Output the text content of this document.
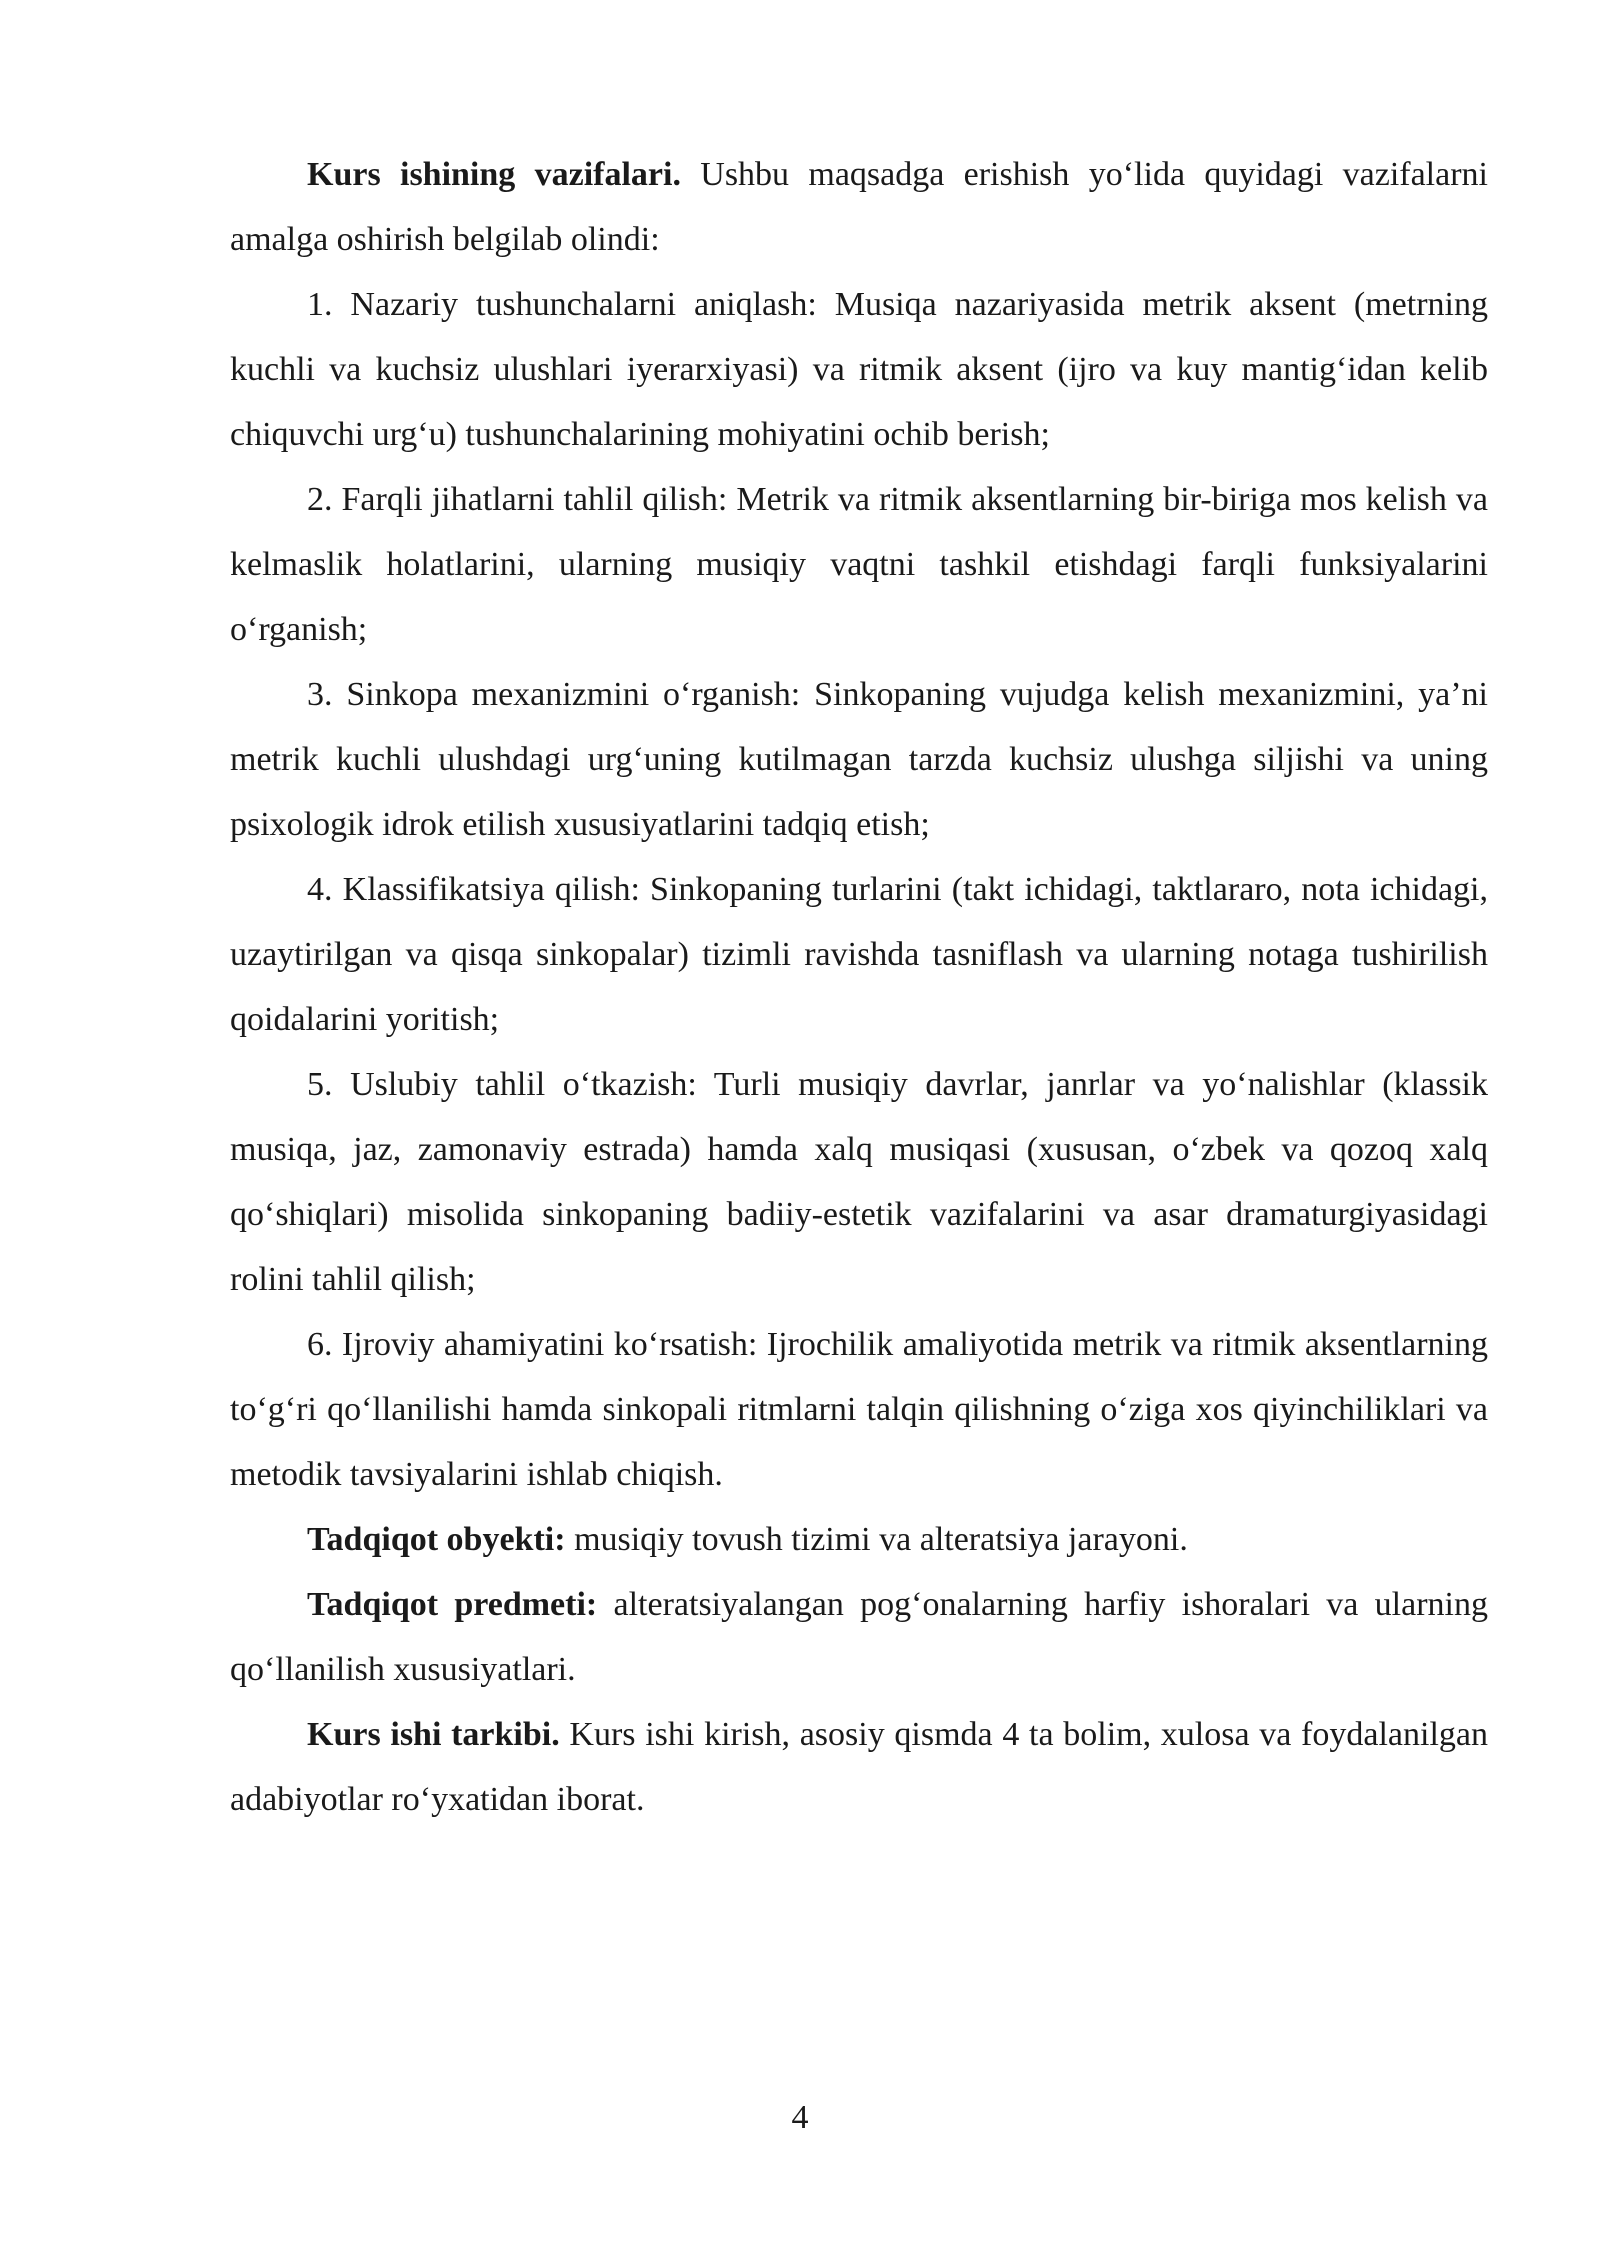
Kurs ishining vazifalari. Ushbu maqsadga erishish yo‘lida quyidagi vazifalarni amalga oshirish belgilab olindi:

1. Nazariy tushunchalarni aniqlash: Musiqa nazariyasida metrik aksent (metrning kuchli va kuchsiz ulushlari iyerarxiyasi) va ritmik aksent (ijro va kuy mantig‘idan kelib chiquvchi urg‘u) tushunchalarining mohiyatini ochib berish;

2. Farqli jihatlarni tahlil qilish: Metrik va ritmik aksentlarning bir-biriga mos kelish va kelmaslik holatlarini, ularning musiqiy vaqtni tashkil etishdagi farqli funksiyalarini o‘rganish;

3. Sinkopa mexanizmini o‘rganish: Sinkopaning vujudga kelish mexanizmini, ya’ni metrik kuchli ulushdagi urg‘uning kutilmagan tarzda kuchsiz ulushga siljishi va uning psixologik idrok etilish xususiyatlarini tadqiq etish;

4. Klassifikatsiya qilish: Sinkopaning turlarini (takt ichidagi, taktlararo, nota ichidagi, uzaytirilgan va qisqa sinkopalar) tizimli ravishda tasniflash va ularning notaga tushirilish qoidalarini yoritish;

5. Uslubiy tahlil o‘tkazish: Turli musiqiy davrlar, janrlar va yo‘nalishlar (klassik musiqa, jaz, zamonaviy estrada) hamda xalq musiqasi (xususan, o‘zbek va qozoq xalq qo‘shiqlari) misolida sinkopaning badiiy-estetik vazifalarini va asar dramaturgiyasidagi rolini tahlil qilish;

6. Ijroviy ahamiyatini ko‘rsatish: Ijrochilik amaliyotida metrik va ritmik aksentlarning to‘g‘ri qo‘llanilishi hamda sinkopali ritmlarni talqin qilishning o‘ziga xos qiyinchiliklari va metodik tavsiyalarini ishlab chiqish.

Tadqiqot obyekti: musiqiy tovush tizimi va alteratsiya jarayoni.

Tadqiqot predmeti: alteratsiyalangan pog‘onalarning harfiy ishoralari va ularning qo‘llanilish xususiyatlari.

Kurs ishi tarkibi. Kurs ishi kirish, asosiy qismda 4 ta bolim, xulosa va foydalanilgan adabiyotlar ro‘yxatidan iborat.

4
